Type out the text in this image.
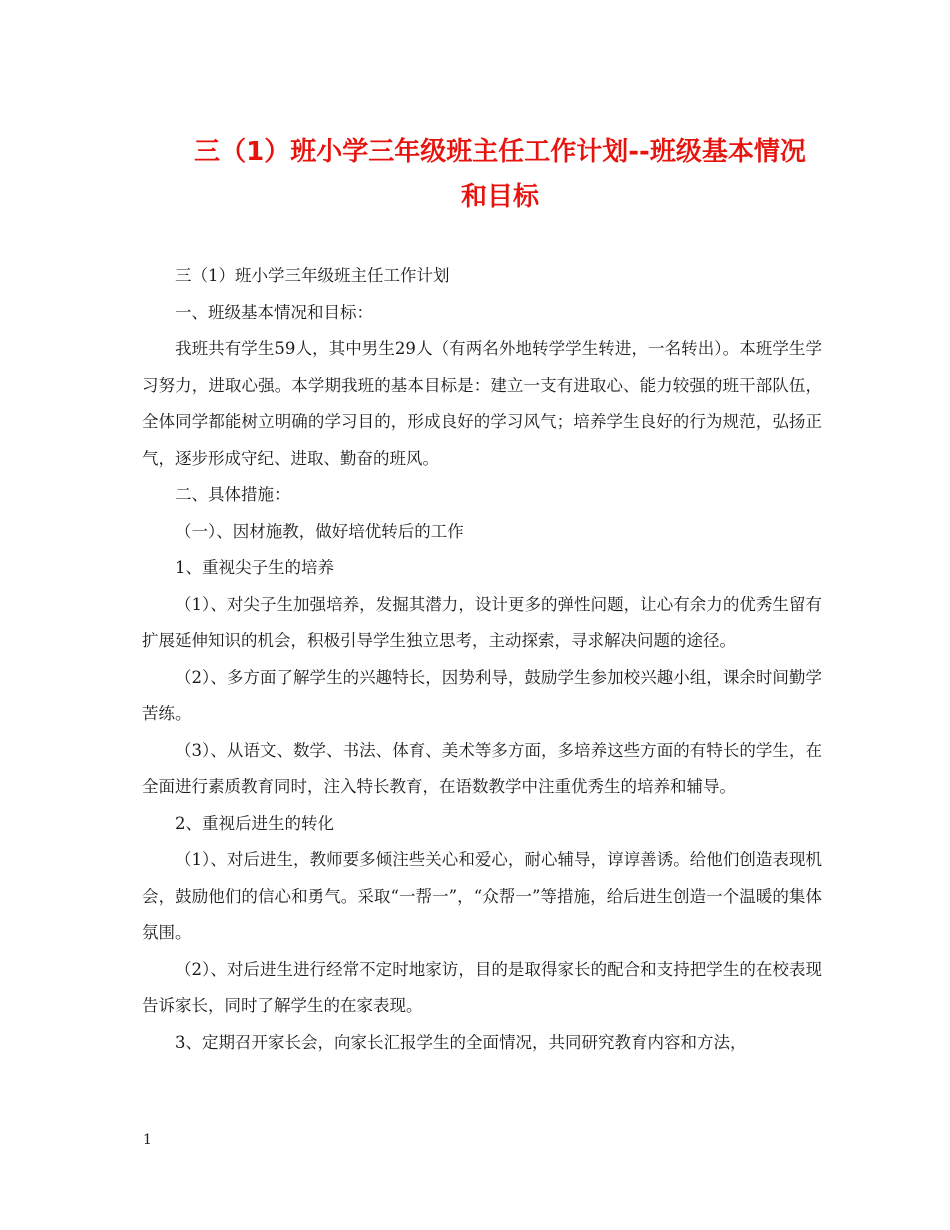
三（1）班小学三年级班主任工作计划--班级基本情况
和目标

三（1）班小学三年级班主任工作计划

一、班级基本情况和目标：

我班共有学生59人，其中男生29人（有两名外地转学学生转进，一名转出）。本班学生学习努力，进取心强。本学期我班的基本目标是：建立一支有进取心、能力较强的班干部队伍，全体同学都能树立明确的学习目的，形成良好的学习风气；培养学生良好的行为规范，弘扬正气，逐步形成守纪、进取、勤奋的班风。

二、具体措施：

（一）、因材施教，做好培优转后的工作

1、重视尖子生的培养

（1）、对尖子生加强培养，发掘其潜力，设计更多的弹性问题，让心有余力的优秀生留有扩展延伸知识的机会，积极引导学生独立思考，主动探索，寻求解决问题的途径。

（2）、多方面了解学生的兴趣特长，因势利导，鼓励学生参加校兴趣小组，课余时间勤学苦练。

（3）、从语文、数学、书法、体育、美术等多方面，多培养这些方面的有特长的学生，在全面进行素质教育同时，注入特长教育，在语数教学中注重优秀生的培养和辅导。

2、重视后进生的转化

（1）、对后进生，教师要多倾注些关心和爱心，耐心辅导，谆谆善诱。给他们创造表现机会，鼓励他们的信心和勇气。采取“一帮一”，“众帮一”等措施，给后进生创造一个温暖的集体氛围。

（2）、对后进生进行经常不定时地家访，目的是取得家长的配合和支持把学生的在校表现告诉家长，同时了解学生的在家表现。

3、定期召开家长会，向家长汇报学生的全面情况，共同研究教育内容和方法，

1
